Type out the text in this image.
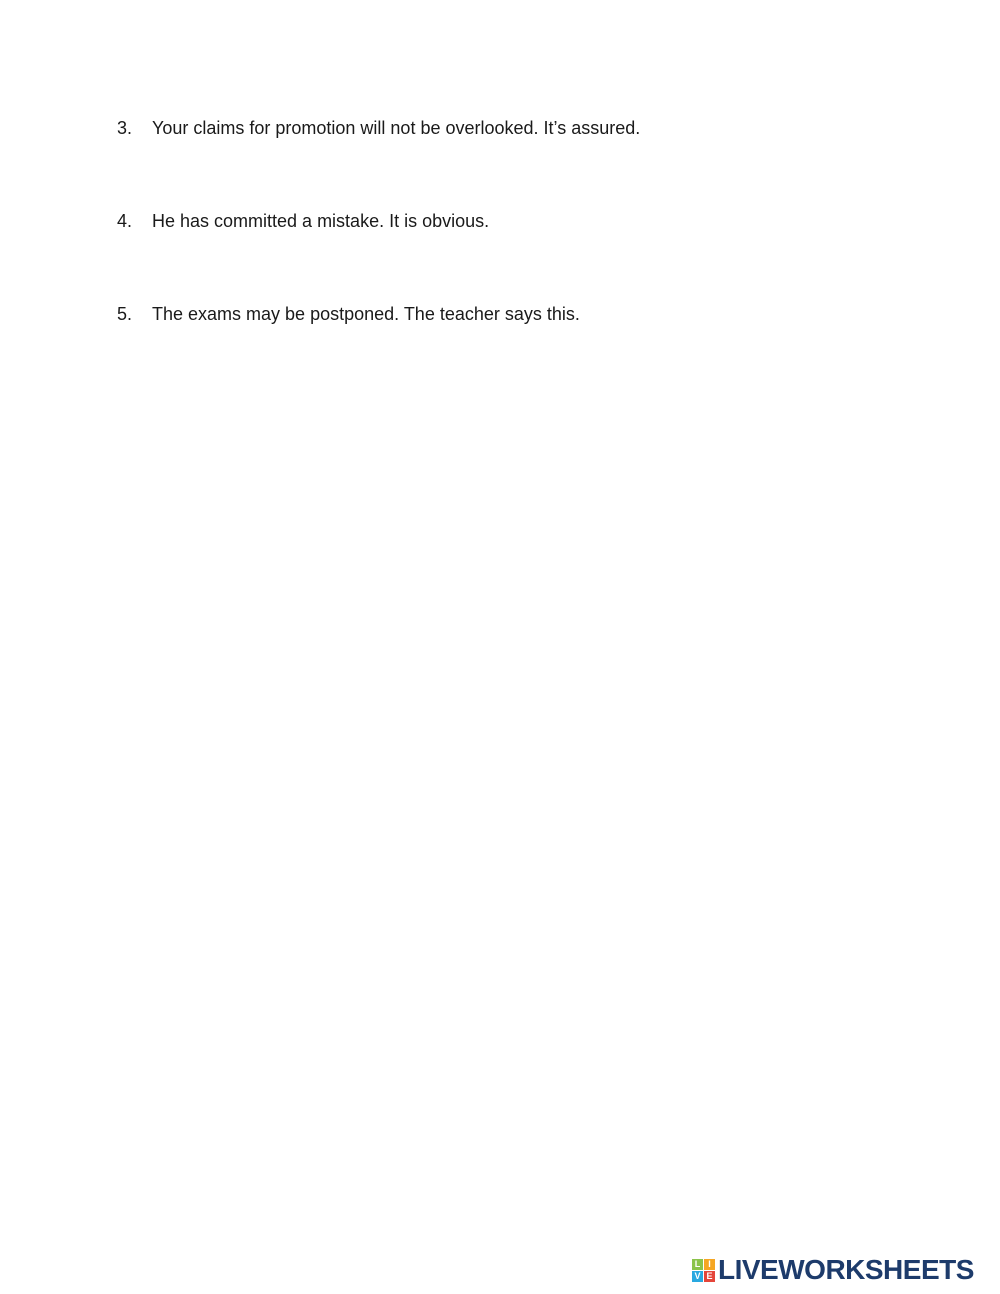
3. Your claims for promotion will not be overlooked. It’s assured.
4. He has committed a mistake. It is obvious.
5. The exams may be postponed. The teacher says this.
L I
V E LIVEWORKSHEETS
